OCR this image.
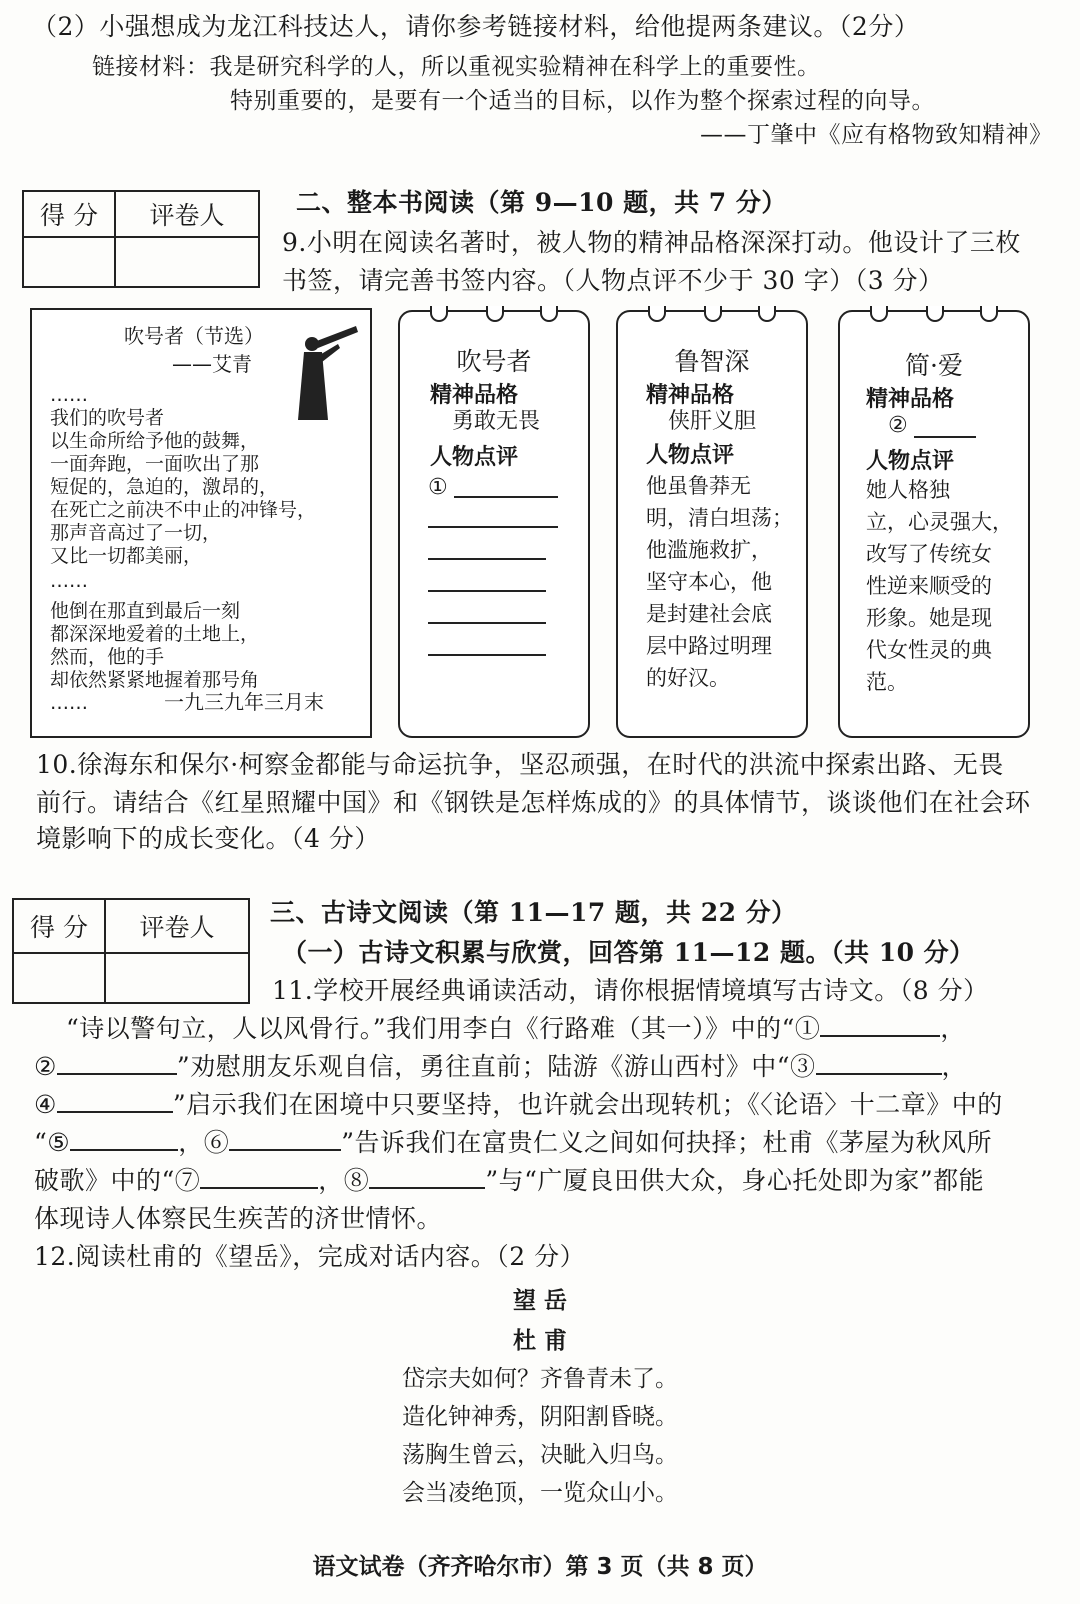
（2）小强想成为龙江科技达人，请你参考链接材料，给他提两条建议。（2分）
链接材料：我是研究科学的人，所以重视实验精神在科学上的重要性。
特别重要的，是要有一个适当的目标，以作为整个探索过程的向导。
——丁肇中《应有格物致知精神》
得 分	评卷人
		二、整本书阅读（第 9—10 题，共 7 分）
9.小明在阅读名著时，被人物的精神品格深深打动。他设计了三枚
书签，请完善书签内容。（人物点评不少于 30 字）（3 分）
吹号者（节选）
——艾青
……
我们的吹号者
以生命所给予他的鼓舞，
一面奔跑，一面吹出了那
短促的，急迫的，激昂的，
在死亡之前决不中止的冲锋号，
那声音高过了一切，
又比一切都美丽，
……
他倒在那直到最后一刻
都深深地爱着的土地上，
然而，他的手
却依然紧紧地握着那号角
……	一九三九年三月末
吹号者
精神品格
勇敢无畏
人物点评
①
鲁智深
精神品格
侠肝义胆
人物点评
他虽鲁莽无
明，清白坦荡；
他滥施救扩，
坚守本心，他
是封建社会底
层中路过明理
的好汉。
简·爱
精神品格
②
人物点评
她人格独
立，心灵强大，
改写了传统女
性逆来顺受的
形象。她是现
代女性灵的典
范。
10.徐海东和保尔·柯察金都能与命运抗争，坚忍顽强，在时代的洪流中探索出路、无畏
前行。请结合《红星照耀中国》和《钢铁是怎样炼成的》的具体情节，谈谈他们在社会环
境影响下的成长变化。（4 分）
得 分	评卷人

三、古诗文阅读（第 11—17 题，共 22 分）
（一）古诗文积累与欣赏，回答第 11—12 题。（共 10 分）
11.学校开展经典诵读活动，请你根据情境填写古诗文。（8 分）
“诗以警句立，人以风骨行。”我们用李白《行路难（其一）》中的“①	，
②	”劝慰朋友乐观自信，勇往直前；陆游《游山西村》中“③	，
④	”启示我们在困境中只要坚持，也许就会出现转机；《〈论语〉十二章》中的
“⑤	，⑥	”告诉我们在富贵仁义之间如何抉择；杜甫《茅屋为秋风所
破歌》中的“⑦	，⑧	”与“广厦良田供大众，身心托处即为家”都能
体现诗人体察民生疾苦的济世情怀。
12.阅读杜甫的《望岳》，完成对话内容。（2 分）
望 岳
杜 甫
岱宗夫如何？齐鲁青未了。
造化钟神秀，阴阳割昏晓。
荡胸生曾云，决眦入归鸟。
会当凌绝顶，一览众山小。
语文试卷（齐齐哈尔市）第 3 页（共 8 页）
